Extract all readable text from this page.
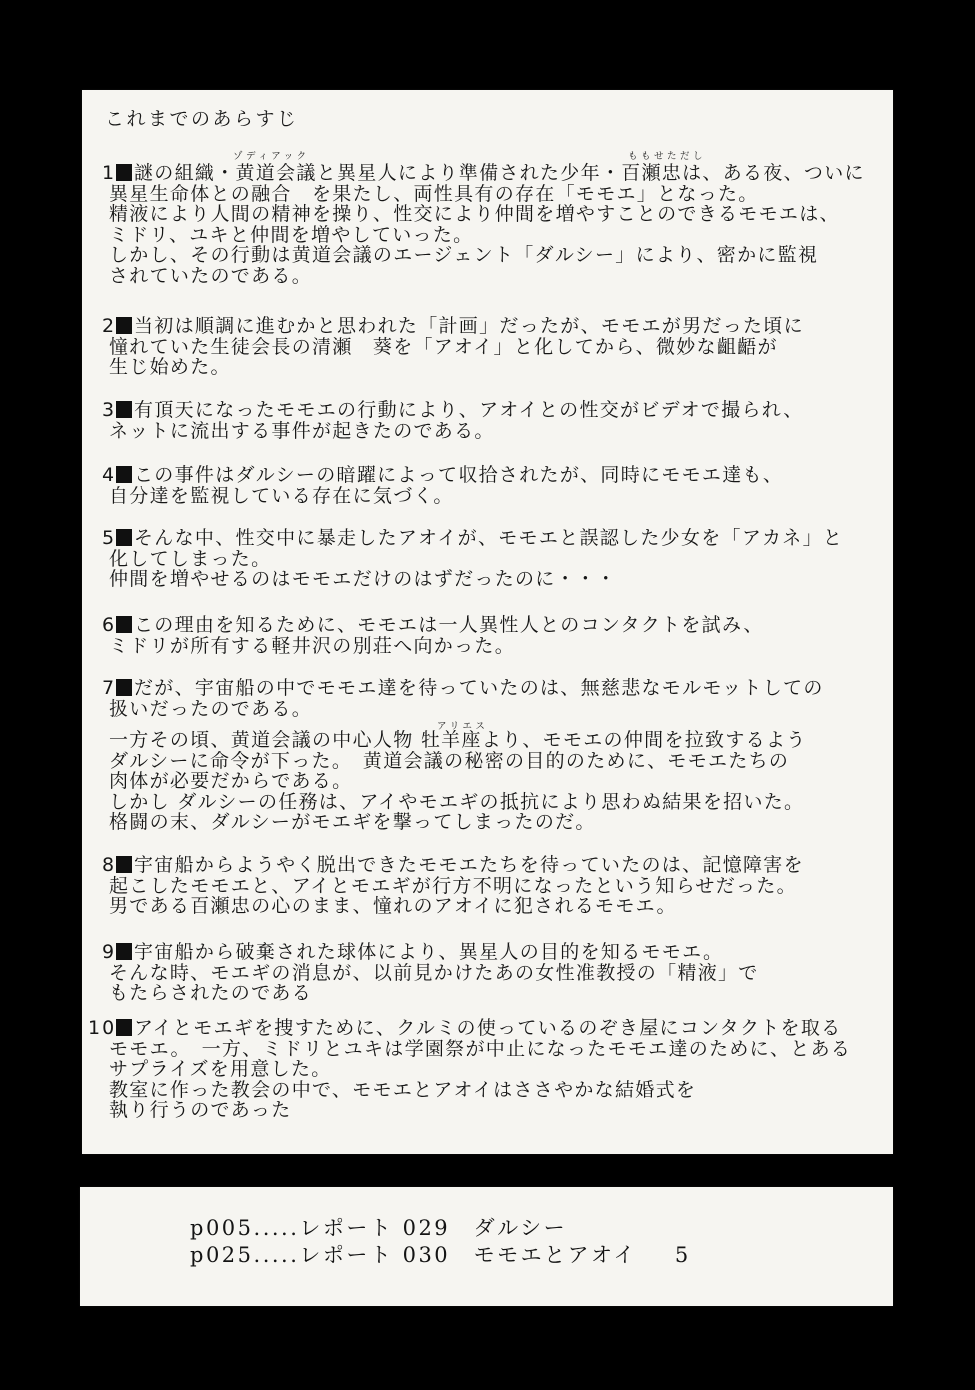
これまでのあらすじ
ゾディアック	ももせただし
1 謎の組織・黄道会議と異星人により準備された少年・百瀬忠は、ある夜、ついに
異星生命体との融合　を果たし、両性具有の存在「モモエ」となった。
精液により人間の精神を操り、性交により仲間を増やすことのできるモモエは、
ミドリ、ユキと仲間を増やしていった。
しかし、その行動は黄道会議のエージェント「ダルシー」により、密かに監視
されていたのである。
2 当初は順調に進むかと思われた「計画」だったが、モモエが男だった頃に
憧れていた生徒会長の清瀬　葵を「アオイ」と化してから、微妙な齟齬が
生じ始めた。
3 有頂天になったモモエの行動により、アオイとの性交がビデオで撮られ、
ネットに流出する事件が起きたのである。
4 この事件はダルシーの暗躍によって収拾されたが、同時にモモエ達も、
自分達を監視している存在に気づく。
5 そんな中、性交中に暴走したアオイが、モモエと誤認した少女を「アカネ」と
化してしまった。
仲間を増やせるのはモモエだけのはずだったのに・・・
6 この理由を知るために、モモエは一人異性人とのコンタクトを試み、
ミドリが所有する軽井沢の別荘へ向かった。
アリエス
7 だが、宇宙船の中でモモエ達を待っていたのは、無慈悲なモルモットしての
扱いだったのである。
一方その頃、黄道会議の中心人物 牡羊座より、モモエの仲間を拉致するよう
ダルシーに命令が下った。　黄道会議の秘密の目的のために、モモエたちの
肉体が必要だからである。
しかし ダルシーの任務は、アイやモエギの抵抗により思わぬ結果を招いた。
格闘の末、ダルシーがモエギを撃ってしまったのだ。
8 宇宙船からようやく脱出できたモモエたちを待っていたのは、記憶障害を
起こしたモモエと、アイとモエギが行方不明になったという知らせだった。
男である百瀬忠の心のまま、憧れのアオイに犯されるモモエ。
9 宇宙船から破棄された球体により、異星人の目的を知るモモエ。
そんな時、モエギの消息が、以前見かけたあの女性准教授の「精液」で
もたらされたのである
10 アイとモエギを捜すために、クルミの使っているのぞき屋にコンタクトを取る
モモエ。　一方、ミドリとユキは学園祭が中止になったモモエ達のために、とある
サプライズを用意した。
教室に作った教会の中で、モモエとアオイはささやかな結婚式を
執り行うのであった
p005.....レポート 029　ダルシー
p025.....レポート 030　モモエとアオイ 5
